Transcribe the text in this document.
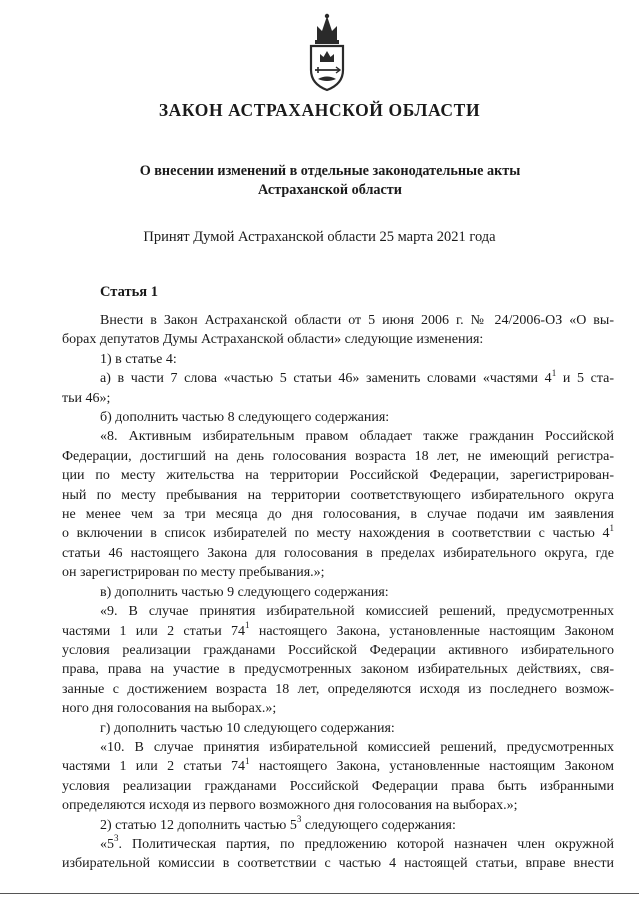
ЗАКОН АСТРАХАНСКОЙ ОБЛАСТИ
О внесении изменений в отдельные законодательные акты
Астраханской области
Принят Думой Астраханской области 25 марта 2021 года
Статья 1

Внести в Закон Астраханской области от 5 июня 2006 г. № 24/2006-ОЗ «О вы-

борах депутатов Думы Астраханской области» следующие изменения:

1) в статье 4:

а) в части 7 слова «частью 5 статьи 46» заменить словами «частями $4^1$ и 5 ста-

тьи 46»;

б) дополнить частью 8 следующего содержания:

«8. Активным избирательным правом обладает также гражданин Российской

Федерации, достигший на день голосования возраста 18 лет, не имеющий регистра-

ции по месту жительства на территории Российской Федерации, зарегистрирован-

ный по месту пребывания на территории соответствующего избирательного округа

не менее чем за три месяца до дня голосования, в случае подачи им заявления

о включении в список избирателей по месту нахождения в соответствии с частью $4^1$

статьи 46 настоящего Закона для голосования в пределах избирательного округа, где

он зарегистрирован по месту пребывания.»;

в) дополнить частью 9 следующего содержания:

«9. В случае принятия избирательной комиссией решений, предусмотренных

частями 1 или 2 статьи $74^1$ настоящего Закона, установленные настоящим Законом

условия реализации гражданами Российской Федерации активного избирательного

права, права на участие в предусмотренных законом избирательных действиях, свя-

занные с достижением возраста 18 лет, определяются исходя из последнего возмож-

ного дня голосования на выборах.»;

г) дополнить частью 10 следующего содержания:

«10. В случае принятия избирательной комиссией решений, предусмотренных

частями 1 или 2 статьи $74^1$ настоящего Закона, установленные настоящим Законом

условия реализации гражданами Российской Федерации права быть избранными

определяются исходя из первого возможного дня голосования на выборах.»;

2) статью 12 дополнить частью $5^3$ следующего содержания:

«$5^3$. Политическая партия, по предложению которой назначен член окружной

избирательной комиссии в соответствии с частью 4 настоящей статьи, вправе внести
